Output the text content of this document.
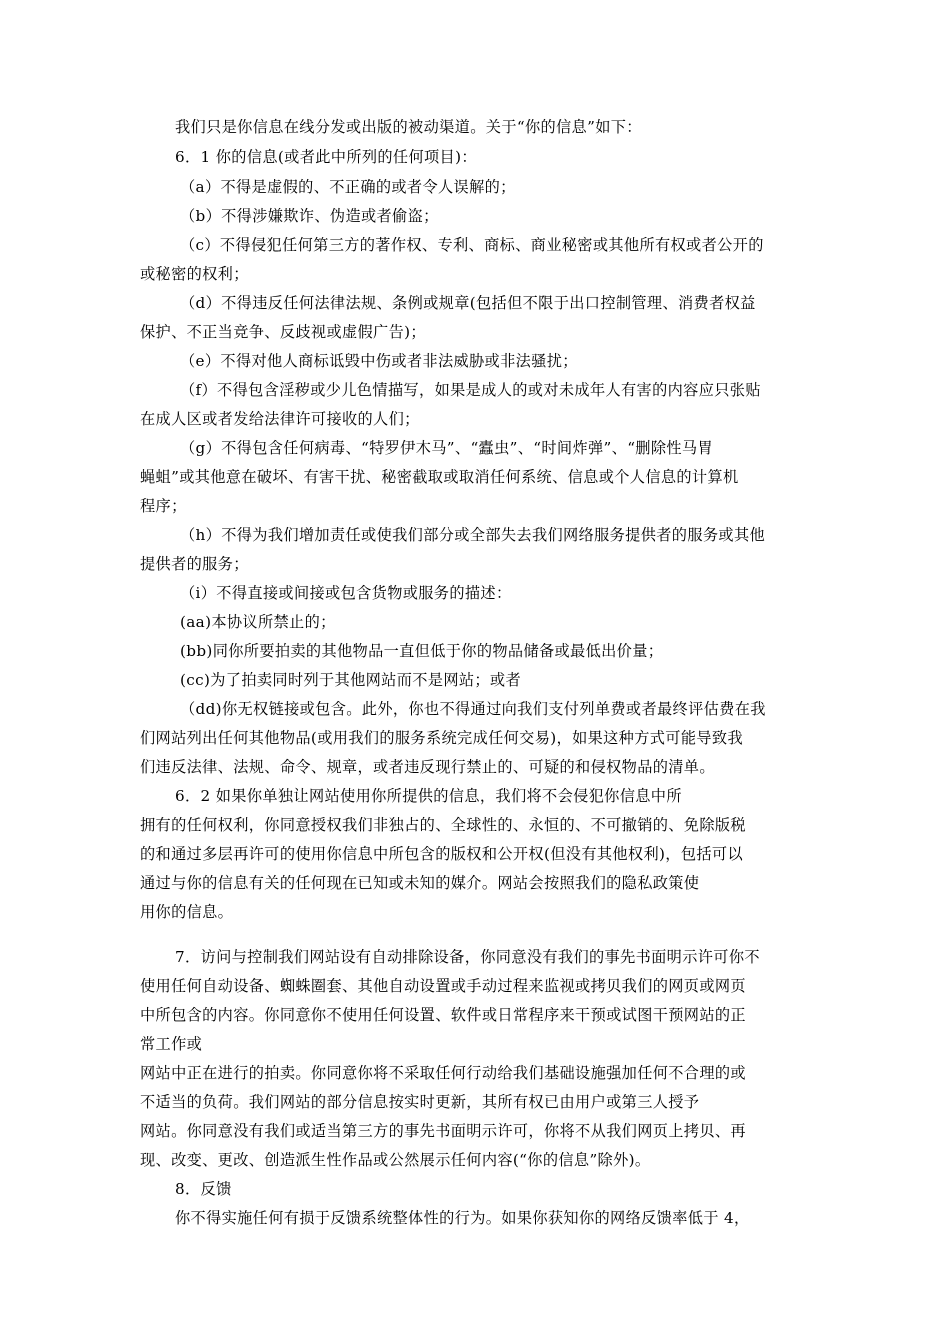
我们只是你信息在线分发或出版的被动渠道。关于“你的信息”如下：
6．1 你的信息(或者此中所列的任何项目)：
（a）不得是虚假的、不正确的或者令人误解的；
（b）不得涉嫌欺诈、伪造或者偷盗；
（c）不得侵犯任何第三方的著作权、专利、商标、商业秘密或其他所有权或者公开的
或秘密的权利；
（d）不得违反任何法律法规、条例或规章(包括但不限于出口控制管理、消费者权益
保护、不正当竞争、反歧视或虚假广告)；
（e）不得对他人商标诋毁中伤或者非法威胁或非法骚扰；
（f）不得包含淫秽或少儿色情描写，如果是成人的或对未成年人有害的内容应只张贴
在成人区或者发给法律许可接收的人们；
（g）不得包含任何病毒、“特罗伊木马”、“蠹虫”、“时间炸弹”、“删除性马胃
蝇蛆”或其他意在破坏、有害干扰、秘密截取或取消任何系统、信息或个人信息的计算机
程序；
（h）不得为我们增加责任或使我们部分或全部失去我们网络服务提供者的服务或其他
提供者的服务；
（i）不得直接或间接或包含货物或服务的描述：
(aa)本协议所禁止的；
(bb)同你所要拍卖的其他物品一直但低于你的物品储备或最低出价量；
(cc)为了拍卖同时列于其他网站而不是网站；或者
（dd)你无权链接或包含。此外，你也不得通过向我们支付列单费或者最终评估费在我
们网站列出任何其他物品(或用我们的服务系统完成任何交易)，如果这种方式可能导致我
们违反法律、法规、命令、规章，或者违反现行禁止的、可疑的和侵权物品的清单。
6．2 如果你单独让网站使用你所提供的信息，我们将不会侵犯你信息中所
拥有的任何权利，你同意授权我们非独占的、全球性的、永恒的、不可撤销的、免除版税
的和通过多层再许可的使用你信息中所包含的版权和公开权(但没有其他权利)，包括可以
通过与你的信息有关的任何现在已知或未知的媒介。网站会按照我们的隐私政策使
用你的信息。
7．访问与控制我们网站设有自动排除设备，你同意没有我们的事先书面明示许可你不
使用任何自动设备、蜘蛛圈套、其他自动设置或手动过程来监视或拷贝我们的网页或网页
中所包含的内容。你同意你不使用任何设置、软件或日常程序来干预或试图干预网站的正
常工作或
网站中正在进行的拍卖。你同意你将不采取任何行动给我们基础设施强加任何不合理的或
不适当的负荷。我们网站的部分信息按实时更新，其所有权已由用户或第三人授予
网站。你同意没有我们或适当第三方的事先书面明示许可，你将不从我们网页上拷贝、再
现、改变、更改、创造派生性作品或公然展示任何内容(“你的信息”除外)。
8．反馈
你不得实施任何有损于反馈系统整体性的行为。如果你获知你的网络反馈率低于 4，
